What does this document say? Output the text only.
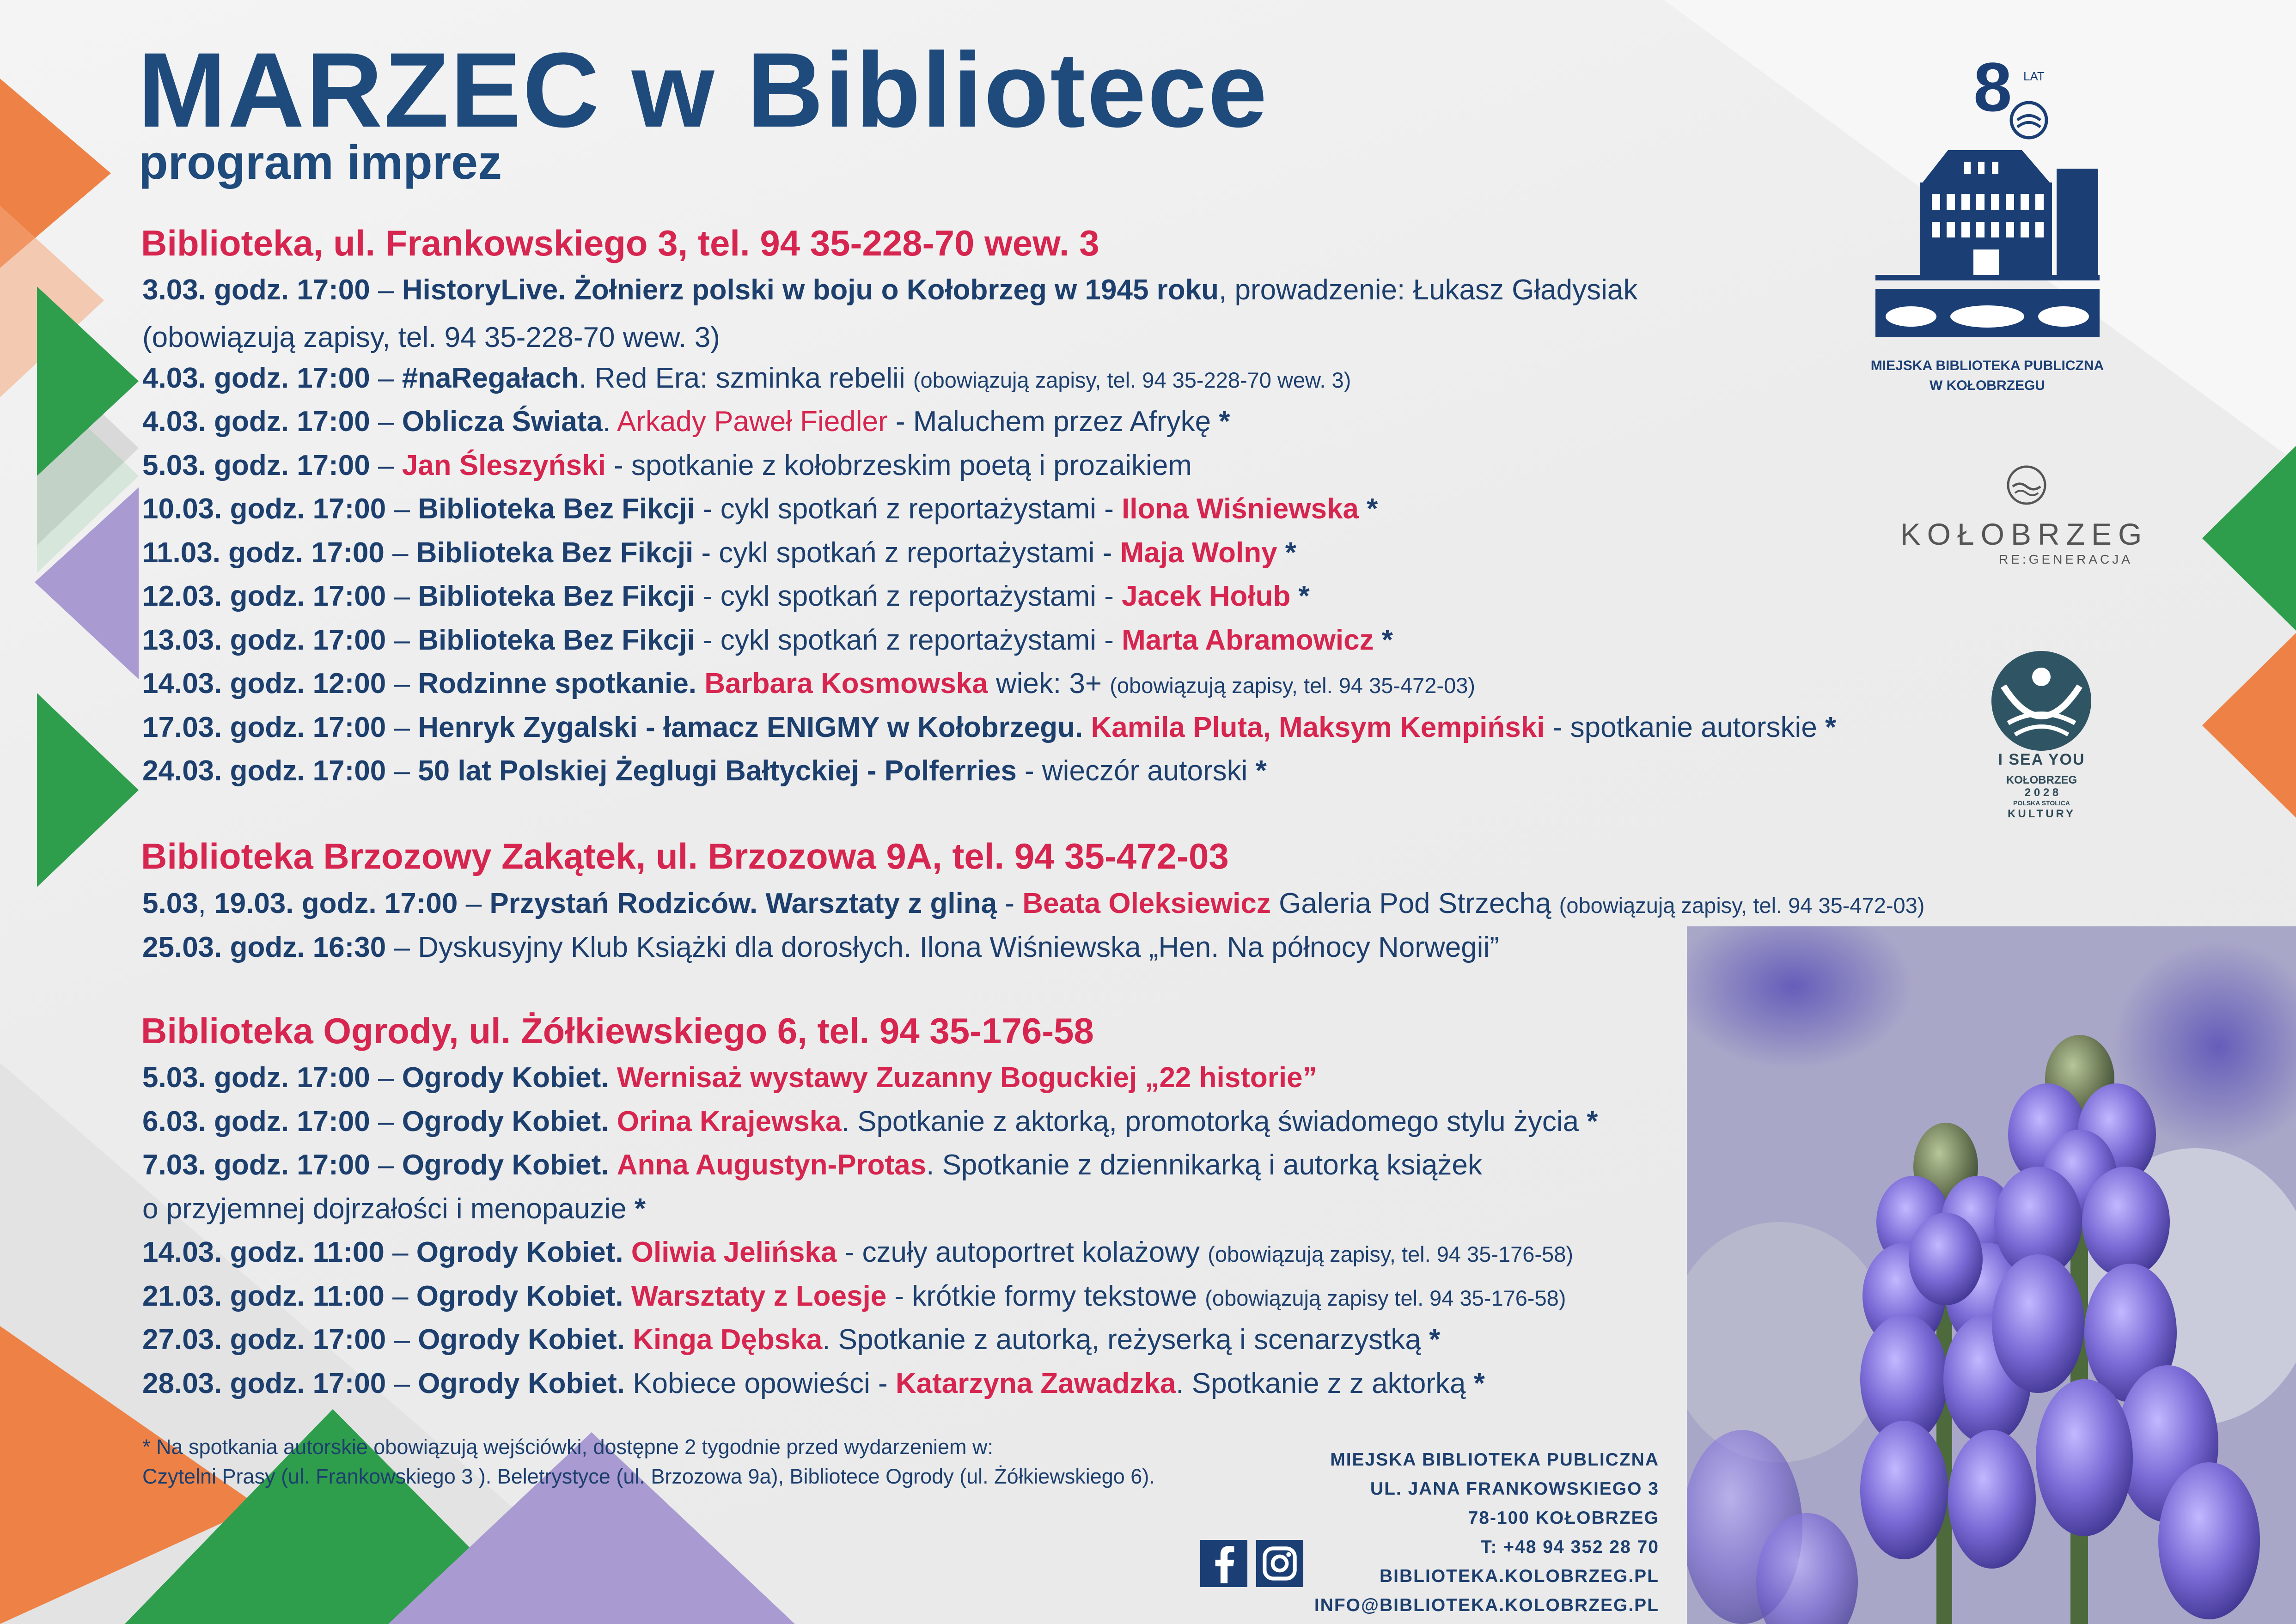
MARZEC w Bibliotece
program imprez
Biblioteka, ul. Frankowskiego 3, tel. 94 35-228-70 wew. 3
3.03. godz. 17:00 – HistoryLive. Żołnierz polski w boju o Kołobrzeg w 1945 roku, prowadzenie: Łukasz Gładysiak
(obowiązują zapisy, tel. 94 35-228-70 wew. 3)
4.03. godz. 17:00 – #naRegałach. Red Era: szminka rebelii (obowiązują zapisy, tel. 94 35-228-70 wew. 3)
4.03. godz. 17:00 – Oblicza Świata. Arkady Paweł Fiedler - Maluchem przez Afrykę *
5.03. godz. 17:00 – Jan Śleszyński - spotkanie z kołobrzeskim poetą i prozaikiem
10.03. godz. 17:00 – Biblioteka Bez Fikcji - cykl spotkań z reportażystami - Ilona Wiśniewska *
11.03. godz. 17:00 – Biblioteka Bez Fikcji - cykl spotkań z reportażystami - Maja Wolny *
12.03. godz. 17:00 – Biblioteka Bez Fikcji - cykl spotkań z reportażystami - Jacek Hołub *
13.03. godz. 17:00 – Biblioteka Bez Fikcji - cykl spotkań z reportażystami - Marta Abramowicz *
14.03. godz. 12:00 – Rodzinne spotkanie. Barbara Kosmowska wiek: 3+ (obowiązują zapisy, tel. 94 35-472-03)
17.03. godz. 17:00 – Henryk Zygalski - łamacz ENIGMY w Kołobrzegu. Kamila Pluta, Maksym Kempiński - spotkanie autorskie *
24.03. godz. 17:00 – 50 lat Polskiej Żeglugi Bałtyckiej - Polferries - wieczór autorski *
Biblioteka Brzozowy Zakątek, ul. Brzozowa 9A, tel. 94 35-472-03
5.03, 19.03. godz. 17:00 – Przystań Rodziców. Warsztaty z gliną - Beata Oleksiewicz Galeria Pod Strzechą (obowiązują zapisy, tel. 94 35-472-03)
25.03. godz. 16:30 – Dyskusyjny Klub Książki dla dorosłych. Ilona Wiśniewska „Hen. Na północy Norwegii”
Biblioteka Ogrody, ul. Żółkiewskiego 6, tel. 94 35-176-58
5.03. godz. 17:00 – Ogrody Kobiet. Wernisaż wystawy Zuzanny Boguckiej „22 historie”
6.03. godz. 17:00 – Ogrody Kobiet. Orina Krajewska. Spotkanie z aktorką, promotorką świadomego stylu życia *
7.03. godz. 17:00 – Ogrody Kobiet. Anna Augustyn-Protas. Spotkanie z dziennikarką i autorką książek
o przyjemnej dojrzałości i menopauzie *
14.03. godz. 11:00 – Ogrody Kobiet. Oliwia Jelińska - czuły autoportret kolażowy (obowiązują zapisy, tel. 94 35-176-58)
21.03. godz. 11:00 – Ogrody Kobiet. Warsztaty z Loesje - krótkie formy tekstowe (obowiązują zapisy tel. 94 35-176-58)
27.03. godz. 17:00 – Ogrody Kobiet. Kinga Dębska. Spotkanie z autorką, reżyserką i scenarzystką *
28.03. godz. 17:00 – Ogrody Kobiet. Kobiece opowieści - Katarzyna Zawadzka. Spotkanie z z aktorką *
* Na spotkania autorskie obowiązują wejściówki, dostępne 2 tygodnie przed wydarzeniem w:
Czytelni Prasy (ul. Frankowskiego 3 ). Beletrystyce (ul. Brzozowa 9a), Bibliotece Ogrody (ul. Żółkiewskiego 6).
MIEJSKA BIBLIOTEKA PUBLICZNA
UL. JANA FRANKOWSKIEGO 3
78-100 KOŁOBRZEG
T: +48 94 352 28 70
BIBLIOTEKA.KOLOBRZEG.PL
INFO@BIBLIOTEKA.KOLOBRZEG.PL
8 LAT
MIEJSKA BIBLIOTEKA PUBLICZNA
W KOŁOBRZEGU
KOŁOBRZEG
RE:GENERACJA
I SEA YOU
KOŁOBRZEG
2 0 2 8
POLSKA STOLICA
KULTURY
